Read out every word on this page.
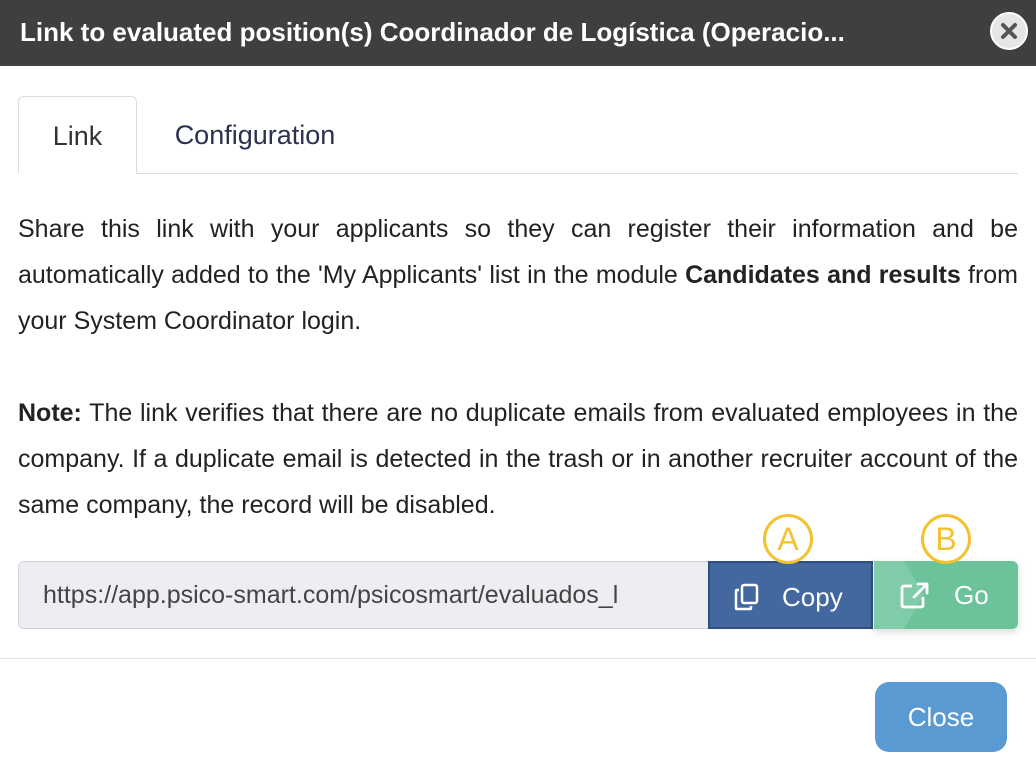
Link to evaluated position(s) Coordinador de Logística (Operacio...
Link	Configuration
Share this link with your applicants so they can register their information and be automatically added to the 'My Applicants' list in the module Candidates and results from your System Coordinator login.
Note: The link verifies that there are no duplicate emails from evaluated employees in the company. If a duplicate email is detected in the trash or in another recruiter account of the same company, the record will be disabled.
https://app.psico-smart.com/psicosmart/evaluados_l	Copy	Go
A	B
Close
